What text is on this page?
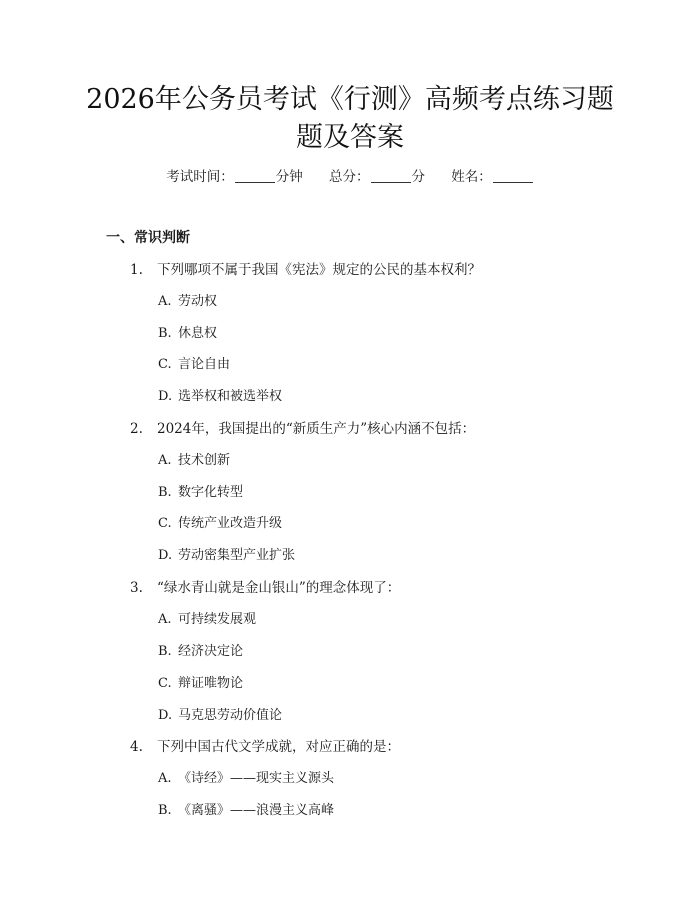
2026年公务员考试《行测》高频考点练习题
题及答案
考试时间：	分钟 总分：	分 姓名：
一、常识判断
1. 下列哪项不属于我国《宪法》规定的公民的基本权利？
A. 劳动权
B. 休息权
C. 言论自由
D. 选举权和被选举权
2. 2024年，我国提出的“新质生产力”核心内涵不包括：
A. 技术创新
B. 数字化转型
C. 传统产业改造升级
D. 劳动密集型产业扩张
3. “绿水青山就是金山银山”的理念体现了：
A. 可持续发展观
B. 经济决定论
C. 辩证唯物论
D. 马克思劳动价值论
4. 下列中国古代文学成就，对应正确的是：
A. 《诗经》——现实主义源头
B. 《离骚》——浪漫主义高峰
